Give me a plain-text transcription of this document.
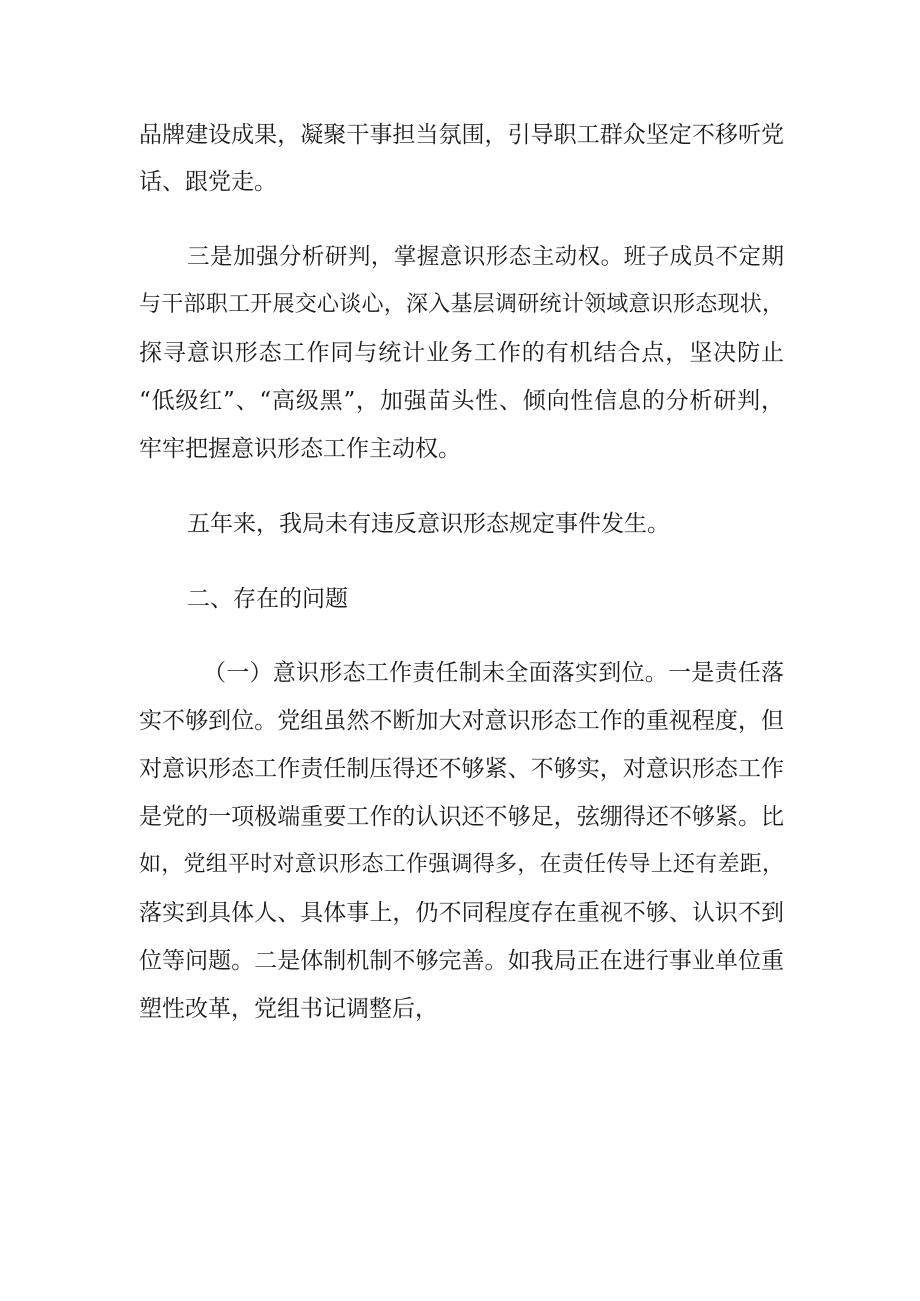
品牌建设成果，凝聚干事担当氛围，引导职工群众坚定不移听党
话、跟党走。
三是加强分析研判，掌握意识形态主动权。班子成员不定期
与干部职工开展交心谈心，深入基层调研统计领域意识形态现状，
探寻意识形态工作同与统计业务工作的有机结合点，坚决防止
“低级红”、“高级黑”，加强苗头性、倾向性信息的分析研判，
牢牢把握意识形态工作主动权。
五年来，我局未有违反意识形态规定事件发生。
二、存在的问题
（一）意识形态工作责任制未全面落实到位。一是责任落
实不够到位。党组虽然不断加大对意识形态工作的重视程度，但
对意识形态工作责任制压得还不够紧、不够实，对意识形态工作
是党的一项极端重要工作的认识还不够足，弦绷得还不够紧。比
如，党组平时对意识形态工作强调得多，在责任传导上还有差距，
落实到具体人、具体事上，仍不同程度存在重视不够、认识不到
位等问题。二是体制机制不够完善。如我局正在进行事业单位重
塑性改革，党组书记调整后，
